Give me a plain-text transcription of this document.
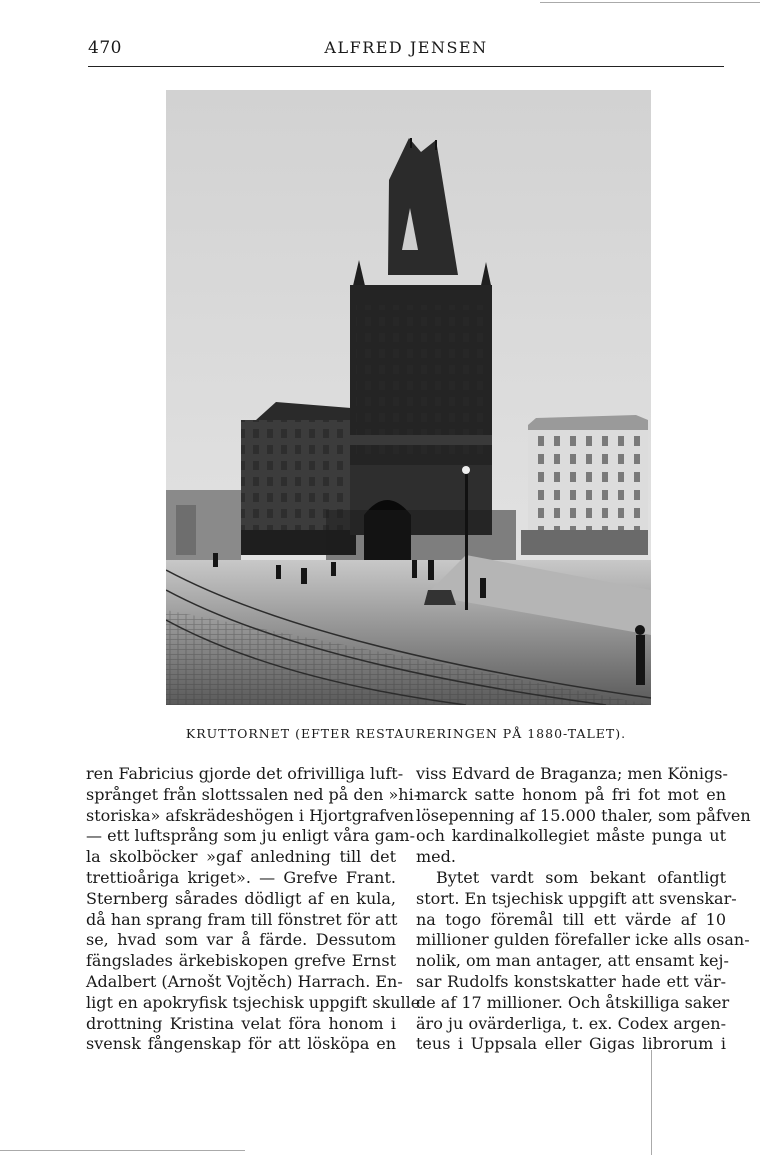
470	ALFRED JENSEN
KRUTTORNET (EFTER RESTAURERINGEN PÅ 1880-TALET).
ren Fabricius gjorde det ofrivilliga luft-
språnget från slottssalen ned på den »hi-
storiska» afskrädeshögen i Hjortgrafven
— ett luftsprång som ju enligt våra gam-
la skolböcker »gaf anledning till det
trettioåriga kriget». — Grefve Frant.
Sternberg sårades dödligt af en kula,
då han sprang fram till fönstret för att
se, hvad som var å färde. Dessutom
fängslades ärkebiskopen grefve Ernst
Adalbert (Arnošt Vojtěch) Harrach. En-
ligt en apokryfisk tsjechisk uppgift skulle
drottning Kristina velat föra honom i
svensk fångenskap för att lösköpa en
viss Edvard de Braganza; men Königs-
marck satte honom på fri fot mot en
lösepenning af 15.000 thaler, som påfven
och kardinalkollegiet måste punga ut
med.
Bytet vardt som bekant ofantligt
stort. En tsjechisk uppgift att svenskar-
na togo föremål till ett värde af 10
millioner gulden förefaller icke alls osan-
nolik, om man antager, att ensamt kej-
sar Rudolfs konstskatter hade ett vär-
de af 17 millioner. Och åtskilliga saker
äro ju ovärderliga, t. ex. Codex argen-
teus i Uppsala eller Gigas librorum i
